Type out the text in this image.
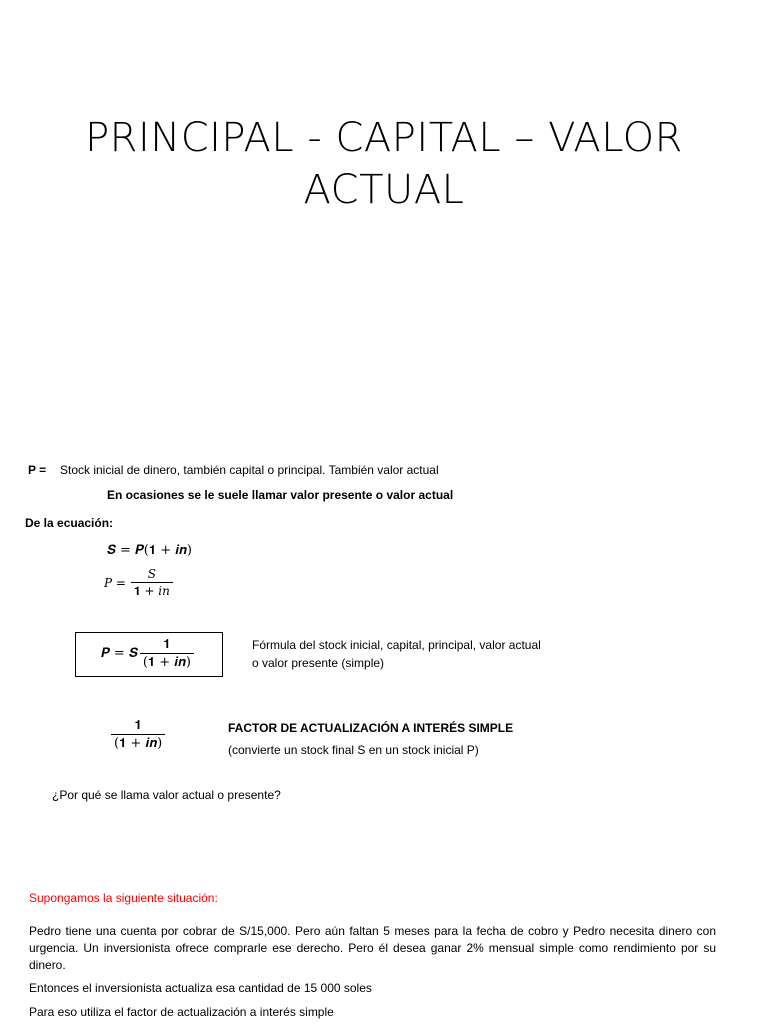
PRINCIPAL - CAPITAL – VALOR
ACTUAL
P = Stock inicial de dinero, también capital o principal. También valor actual
En ocasiones se le suele llamar valor presente o valor actual
De la ecuación:
𝑺 = 𝑷(𝟏 + 𝒊𝒏)
𝑃 = $\frac{\text{𝑆}}{\text{𝟏 + 𝑖𝑛}}$
𝑷 = 𝑺 $\frac{𝟏}{\text{(𝟏 + 𝒊𝒏)}}$	Fórmula del stock inicial, capital, principal, valor actual
o valor presente (simple)
$\frac{𝟏}{\text{(𝟏 + 𝒊𝒏)}}$	FACTOR DE ACTUALIZACIÓN A INTERÉS SIMPLE
(convierte un stock final S en un stock inicial P)
¿Por qué se llama valor actual o presente?
Supongamos la siguiente situación:
Pedro tiene una cuenta por cobrar de S/15,000. Pero aún faltan 5 meses para la fecha de cobro y Pedro necesita dinero con urgencia. Un inversionista ofrece comprarle ese derecho. Pero él desea ganar 2% mensual simple como rendimiento por su dinero.
Entonces el inversionista actualiza esa cantidad de 15 000 soles
Para eso utiliza el factor de actualización a interés simple
